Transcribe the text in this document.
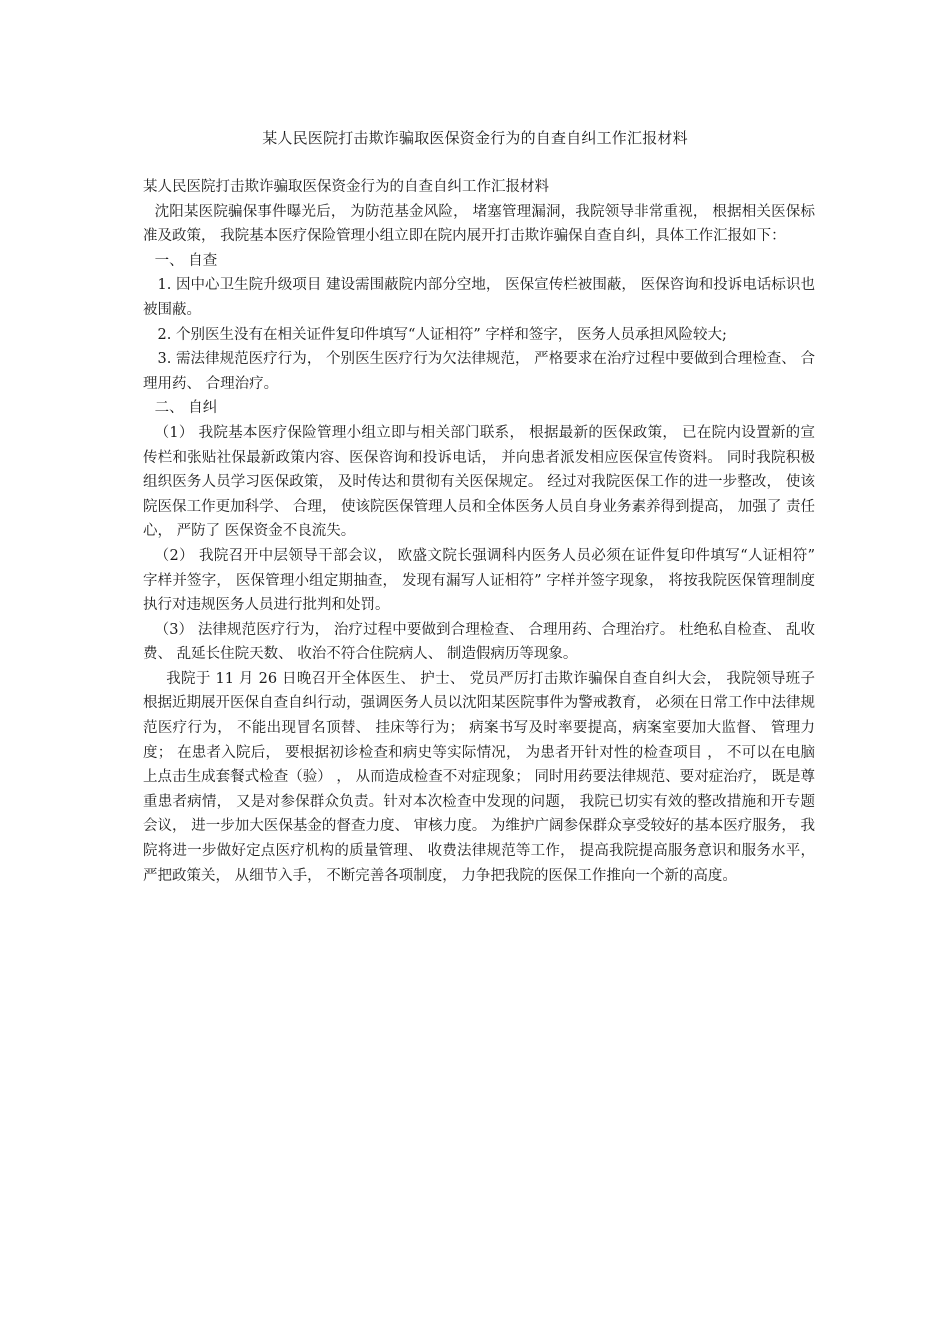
某人民医院打击欺诈骗取医保资金行为的自查自纠工作汇报材料

某人民医院打击欺诈骗取医保资金行为的自查自纠工作汇报材料

沈阳某医院骗保事件曝光后， 为防范基金风险， 堵塞管理漏洞，我院领导非常重视， 根据相关医保标准及政策， 我院基本医疗保险管理小组立即在院内展开打击欺诈骗保自查自纠，具体工作汇报如下：

一、 自查

1. 因中心卫生院升级项目 建设需围蔽院内部分空地， 医保宣传栏被围蔽， 医保咨询和投诉电话标识也被围蔽。

2. 个别医生没有在相关证件复印件填写“人证相符” 字样和签字， 医务人员承担风险较大;

3. 需法律规范医疗行为， 个别医生医疗行为欠法律规范， 严格要求在治疗过程中要做到合理检查、 合理用药、 合理治疗。

二、 自纠

（1） 我院基本医疗保险管理小组立即与相关部门联系， 根据最新的医保政策， 已在院内设置新的宣传栏和张贴社保最新政策内容、医保咨询和投诉电话， 并向患者派发相应医保宣传资料。 同时我院积极组织医务人员学习医保政策， 及时传达和贯彻有关医保规定。 经过对我院医保工作的进一步整改， 使该院医保工作更加科学、 合理， 使该院医保管理人员和全体医务人员自身业务素养得到提高， 加强了 责任心， 严防了 医保资金不良流失。

（2） 我院召开中层领导干部会议， 欧盛文院长强调科内医务人员必须在证件复印件填写“人证相符” 字样并签字， 医保管理小组定期抽查， 发现有漏写人证相符” 字样并签字现象， 将按我院医保管理制度执行对违规医务人员进行批判和处罚。

（3） 法律规范医疗行为， 治疗过程中要做到合理检查、 合理用药、合理治疗。 杜绝私自检查、 乱收费、 乱延长住院天数、 收治不符合住院病人、 制造假病历等现象。

我院于 11 月 26 日晚召开全体医生、 护士、 党员严厉打击欺诈骗保自查自纠大会， 我院领导班子根据近期展开医保自查自纠行动，强调医务人员以沈阳某医院事件为警戒教育， 必须在日常工作中法律规范医疗行为， 不能出现冒名顶替、 挂床等行为； 病案书写及时率要提高，病案室要加大监督、 管理力度； 在患者入院后， 要根据初诊检查和病史等实际情况， 为患者开针对性的检查项目 ， 不可以在电脑上点击生成套餐式检查（验） ， 从而造成检查不对症现象； 同时用药要法律规范、要对症治疗， 既是尊重患者病情， 又是对参保群众负责。针对本次检查中发现的问题， 我院已切实有效的整改措施和开专题会议， 进一步加大医保基金的督查力度、 审核力度。 为维护广阔参保群众享受较好的基本医疗服务， 我院将进一步做好定点医疗机构的质量管理、 收费法律规范等工作， 提高我院提高服务意识和服务水平，严把政策关， 从细节入手， 不断完善各项制度， 力争把我院的医保工作推向一个新的高度。
